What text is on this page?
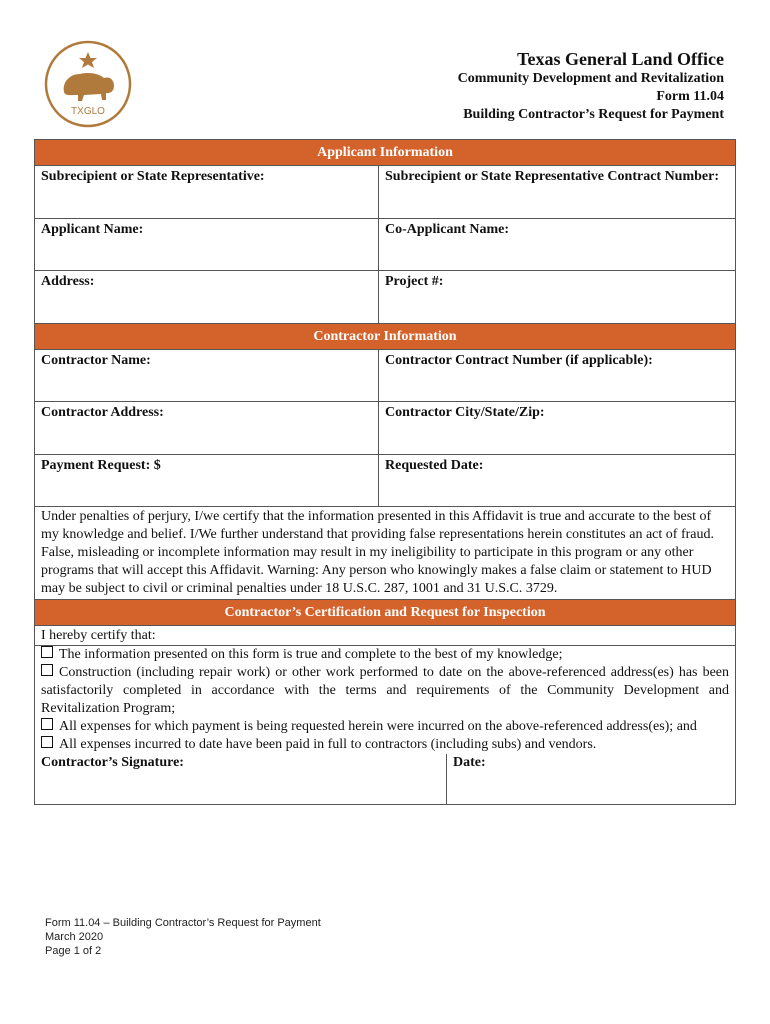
TXGLO
Texas General Land Office
Community Development and Revitalization
Form 11.04
Building Contractor’s Request for Payment
Applicant Information
Subrecipient or State Representative:	Subrecipient or State Representative Contract Number:
Applicant Name:	Co-Applicant Name:
Address:	Project #:
Contractor Information
Contractor Name:	Contractor Contract Number (if applicable):
Contractor Address:	Contractor City/State/Zip:
Payment Request: $	Requested Date:
Under penalties of perjury, I/we certify that the information presented in this Affidavit is true and accurate to the best of my knowledge and belief. I/We further understand that providing false representations herein constitutes an act of fraud. False, misleading or incomplete information may result in my ineligibility to participate in this program or any other programs that will accept this Affidavit. Warning: Any person who knowingly makes a false claim or statement to HUD may be subject to civil or criminal penalties under 18 U.S.C. 287, 1001 and 31 U.S.C. 3729.
Contractor’s Certification and Request for Inspection

I hereby certify that:

The information presented on this form is true and complete to the best of my knowledge;

Construction (including repair work) or other work performed to date on the above-referenced address(es) has been satisfactorily completed in accordance with the terms and requirements of the Community Development and Revitalization Program;

All expenses for which payment is being requested herein were incurred on the above-referenced address(es); and

All expenses incurred to date have been paid in full to contractors (including subs) and vendors.

Contractor’s Signature:	Date:
Form 11.04 – Building Contractor’s Request for Payment
March 2020
Page 1 of 2
